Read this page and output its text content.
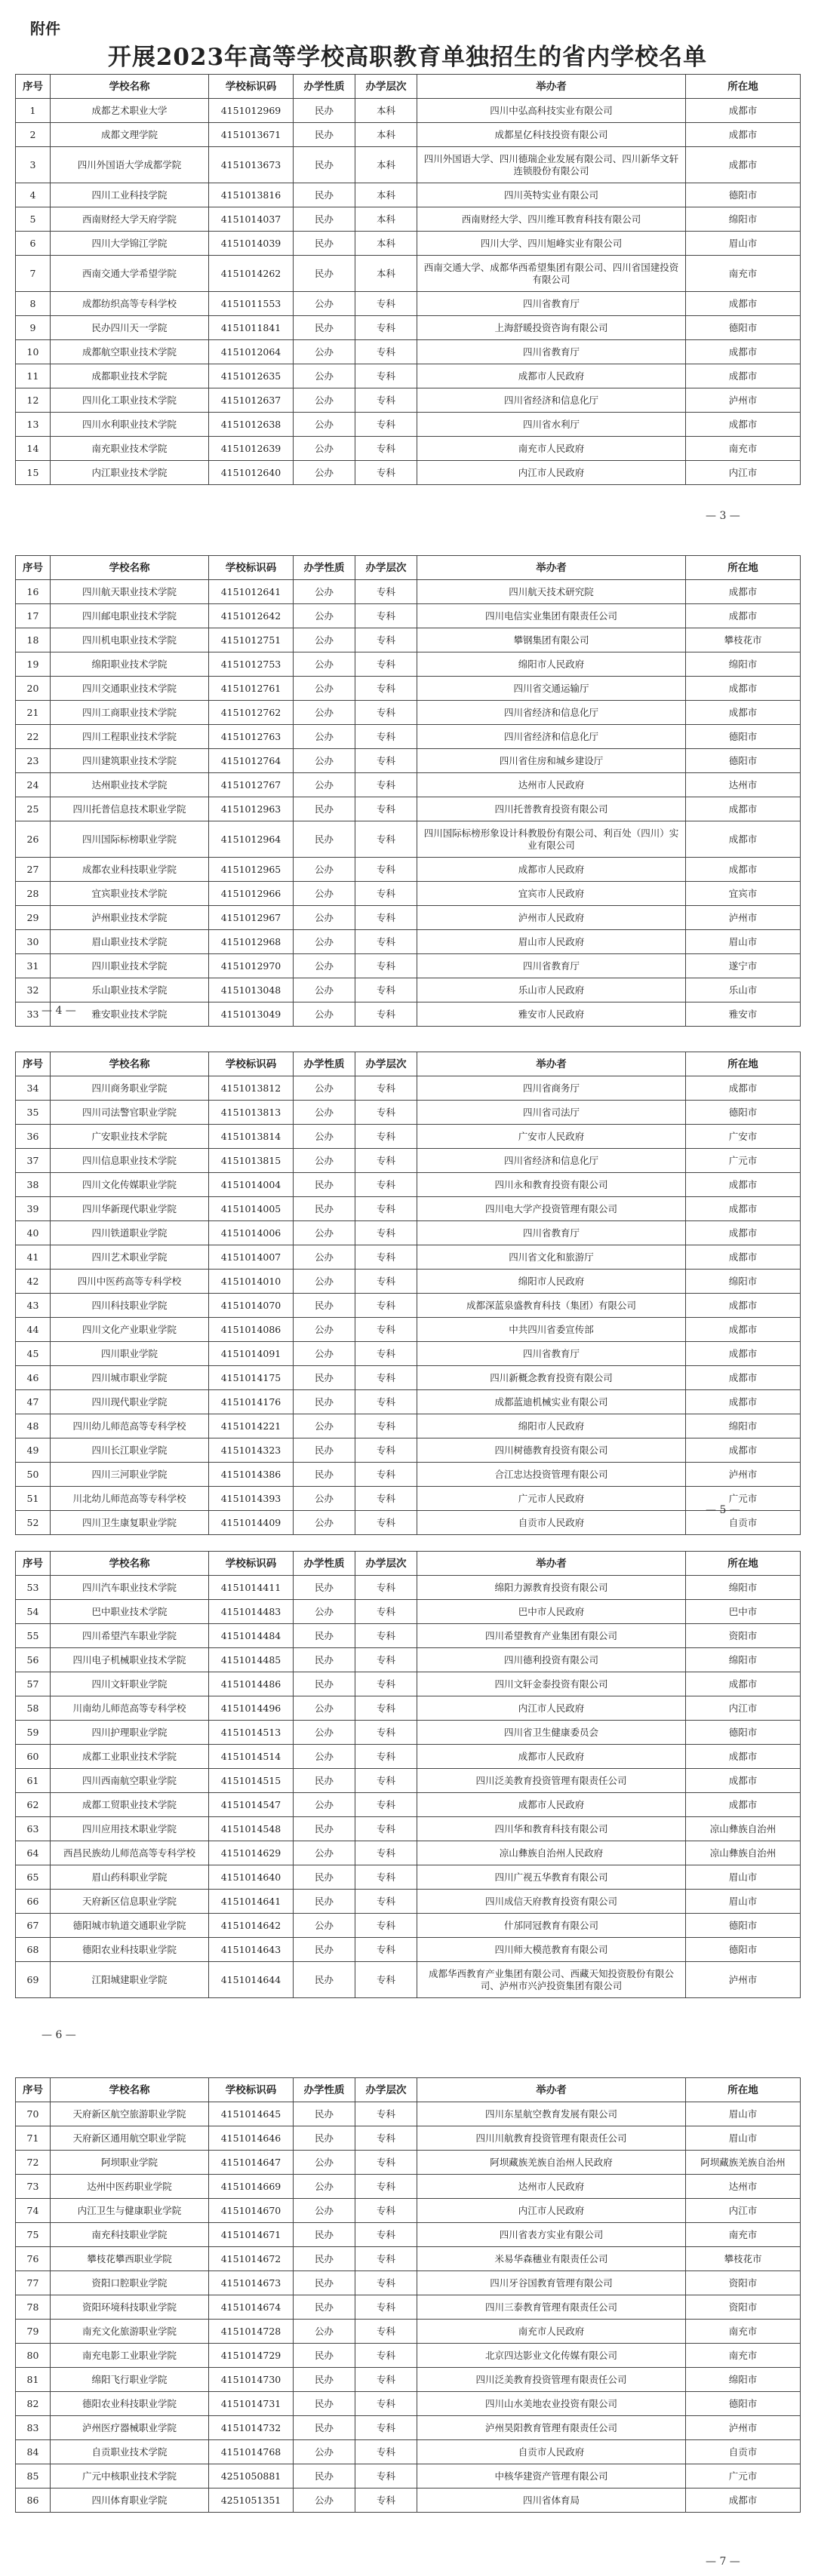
附件
开展2023年高等学校高职教育单独招生的省内学校名单
序号	学校名称	学校标识码	办学性质	办学层次	举办者	所在地
1	成都艺术职业大学	4151012969	民办	本科	四川中弘高科技实业有限公司	成都市
2	成都文理学院	4151013671	民办	本科	成都星亿科技投资有限公司	成都市
3	四川外国语大学成都学院	4151013673	民办	本科	四川外国语大学、四川德瑞企业发展有限公司、四川新华文轩连锁股份有限公司	成都市
4	四川工业科技学院	4151013816	民办	本科	四川英特实业有限公司	德阳市
5	西南财经大学天府学院	4151014037	民办	本科	西南财经大学、四川维耳教育科技有限公司	绵阳市
6	四川大学锦江学院	4151014039	民办	本科	四川大学、四川旭峰实业有限公司	眉山市
7	西南交通大学希望学院	4151014262	民办	本科	西南交通大学、成都华西希望集团有限公司、四川省国建投资有限公司	南充市
8	成都纺织高等专科学校	4151011553	公办	专科	四川省教育厅	成都市
9	民办四川天一学院	4151011841	民办	专科	上海舒暖投资咨询有限公司	德阳市
10	成都航空职业技术学院	4151012064	公办	专科	四川省教育厅	成都市
11	成都职业技术学院	4151012635	公办	专科	成都市人民政府	成都市
12	四川化工职业技术学院	4151012637	公办	专科	四川省经济和信息化厅	泸州市
13	四川水利职业技术学院	4151012638	公办	专科	四川省水利厅	成都市
14	南充职业技术学院	4151012639	公办	专科	南充市人民政府	南充市
15	内江职业技术学院	4151012640	公办	专科	内江市人民政府	内江市
— 3 —
序号	学校名称	学校标识码	办学性质	办学层次	举办者	所在地
16	四川航天职业技术学院	4151012641	公办	专科	四川航天技术研究院	成都市
17	四川邮电职业技术学院	4151012642	公办	专科	四川电信实业集团有限责任公司	成都市
18	四川机电职业技术学院	4151012751	公办	专科	攀钢集团有限公司	攀枝花市
19	绵阳职业技术学院	4151012753	公办	专科	绵阳市人民政府	绵阳市
20	四川交通职业技术学院	4151012761	公办	专科	四川省交通运输厅	成都市
21	四川工商职业技术学院	4151012762	公办	专科	四川省经济和信息化厅	成都市
22	四川工程职业技术学院	4151012763	公办	专科	四川省经济和信息化厅	德阳市
23	四川建筑职业技术学院	4151012764	公办	专科	四川省住房和城乡建设厅	德阳市
24	达州职业技术学院	4151012767	公办	专科	达州市人民政府	达州市
25	四川托普信息技术职业学院	4151012963	民办	专科	四川托普教育投资有限公司	成都市
26	四川国际标榜职业学院	4151012964	民办	专科	四川国际标榜形象设计科教股份有限公司、利百处（四川）实业有限公司	成都市
27	成都农业科技职业学院	4151012965	公办	专科	成都市人民政府	成都市
28	宜宾职业技术学院	4151012966	公办	专科	宜宾市人民政府	宜宾市
29	泸州职业技术学院	4151012967	公办	专科	泸州市人民政府	泸州市
30	眉山职业技术学院	4151012968	公办	专科	眉山市人民政府	眉山市
31	四川职业技术学院	4151012970	公办	专科	四川省教育厅	遂宁市
32	乐山职业技术学院	4151013048	公办	专科	乐山市人民政府	乐山市
33	雅安职业技术学院	4151013049	公办	专科	雅安市人民政府	雅安市
— 4 —
序号	学校名称	学校标识码	办学性质	办学层次	举办者	所在地
34	四川商务职业学院	4151013812	公办	专科	四川省商务厅	成都市
35	四川司法警官职业学院	4151013813	公办	专科	四川省司法厅	德阳市
36	广安职业技术学院	4151013814	公办	专科	广安市人民政府	广安市
37	四川信息职业技术学院	4151013815	公办	专科	四川省经济和信息化厅	广元市
38	四川文化传媒职业学院	4151014004	民办	专科	四川永和教育投资有限公司	成都市
39	四川华新现代职业学院	4151014005	民办	专科	四川电大学产投资管理有限公司	成都市
40	四川铁道职业学院	4151014006	公办	专科	四川省教育厅	成都市
41	四川艺术职业学院	4151014007	公办	专科	四川省文化和旅游厅	成都市
42	四川中医药高等专科学校	4151014010	公办	专科	绵阳市人民政府	绵阳市
43	四川科技职业学院	4151014070	民办	专科	成都深蓝泉盛教育科技（集团）有限公司	成都市
44	四川文化产业职业学院	4151014086	公办	专科	中共四川省委宣传部	成都市
45	四川职业学院	4151014091	公办	专科	四川省教育厅	成都市
46	四川城市职业学院	4151014175	民办	专科	四川新概念教育投资有限公司	成都市
47	四川现代职业学院	4151014176	民办	专科	成都蓝迪机械实业有限公司	成都市
48	四川幼儿师范高等专科学校	4151014221	公办	专科	绵阳市人民政府	绵阳市
49	四川长江职业学院	4151014323	民办	专科	四川树德教育投资有限公司	成都市
50	四川三河职业学院	4151014386	民办	专科	合江忠达投资管理有限公司	泸州市
51	川北幼儿师范高等专科学校	4151014393	公办	专科	广元市人民政府	广元市
52	四川卫生康复职业学院	4151014409	公办	专科	自贡市人民政府	自贡市
— 5 —
序号	学校名称	学校标识码	办学性质	办学层次	举办者	所在地
53	四川汽车职业技术学院	4151014411	民办	专科	绵阳力源教育投资有限公司	绵阳市
54	巴中职业技术学院	4151014483	公办	专科	巴中市人民政府	巴中市
55	四川希望汽车职业学院	4151014484	民办	专科	四川希望教育产业集团有限公司	资阳市
56	四川电子机械职业技术学院	4151014485	民办	专科	四川德利投资有限公司	绵阳市
57	四川文轩职业学院	4151014486	民办	专科	四川文轩金泰投资有限公司	成都市
58	川南幼儿师范高等专科学校	4151014496	公办	专科	内江市人民政府	内江市
59	四川护理职业学院	4151014513	公办	专科	四川省卫生健康委员会	德阳市
60	成都工业职业技术学院	4151014514	公办	专科	成都市人民政府	成都市
61	四川西南航空职业学院	4151014515	民办	专科	四川泛美教育投资管理有限责任公司	成都市
62	成都工贸职业技术学院	4151014547	公办	专科	成都市人民政府	成都市
63	四川应用技术职业学院	4151014548	民办	专科	四川华和教育科技有限公司	凉山彝族自治州
64	西昌民族幼儿师范高等专科学校	4151014629	公办	专科	凉山彝族自治州人民政府	凉山彝族自治州
65	眉山药科职业学院	4151014640	民办	专科	四川广视五华教育有限公司	眉山市
66	天府新区信息职业学院	4151014641	民办	专科	四川成信天府教育投资有限公司	眉山市
67	德阳城市轨道交通职业学院	4151014642	公办	专科	什邡同冠教育有限公司	德阳市
68	德阳农业科技职业学院	4151014643	民办	专科	四川师大模范教育有限公司	德阳市
69	江阳城建职业学院	4151014644	民办	专科	成都华西教育产业集团有限公司、西藏天知投资股份有限公司、泸州市兴泸投资集团有限公司	泸州市
— 6 —
序号	学校名称	学校标识码	办学性质	办学层次	举办者	所在地
70	天府新区航空旅游职业学院	4151014645	民办	专科	四川东星航空教育发展有限公司	眉山市
71	天府新区通用航空职业学院	4151014646	民办	专科	四川川航教育投资管理有限责任公司	眉山市
72	阿坝职业学院	4151014647	公办	专科	阿坝藏族羌族自治州人民政府	阿坝藏族羌族自治州
73	达州中医药职业学院	4151014669	公办	专科	达州市人民政府	达州市
74	内江卫生与健康职业学院	4151014670	公办	专科	内江市人民政府	内江市
75	南充科技职业学院	4151014671	民办	专科	四川省表方实业有限公司	南充市
76	攀枝花攀西职业学院	4151014672	民办	专科	米易华森穗业有限责任公司	攀枝花市
77	资阳口腔职业学院	4151014673	民办	专科	四川牙谷国教育管理有限公司	资阳市
78	资阳环境科技职业学院	4151014674	民办	专科	四川三泰教育管理有限责任公司	资阳市
79	南充文化旅游职业学院	4151014728	公办	专科	南充市人民政府	南充市
80	南充电影工业职业学院	4151014729	民办	专科	北京四达影业文化传媒有限公司	南充市
81	绵阳飞行职业学院	4151014730	民办	专科	四川泛美教育投资管理有限责任公司	绵阳市
82	德阳农业科技职业学院	4151014731	民办	专科	四川山水美地农业投资有限公司	德阳市
83	泸州医疗器械职业学院	4151014732	民办	专科	泸州昊阳教育管理有限责任公司	泸州市
84	自贡职业技术学院	4151014768	公办	专科	自贡市人民政府	自贡市
85	广元中核职业技术学院	4251050881	民办	专科	中核华建资产管理有限公司	广元市
86	四川体育职业学院	4251051351	公办	专科	四川省体育局	成都市
— 7 —
